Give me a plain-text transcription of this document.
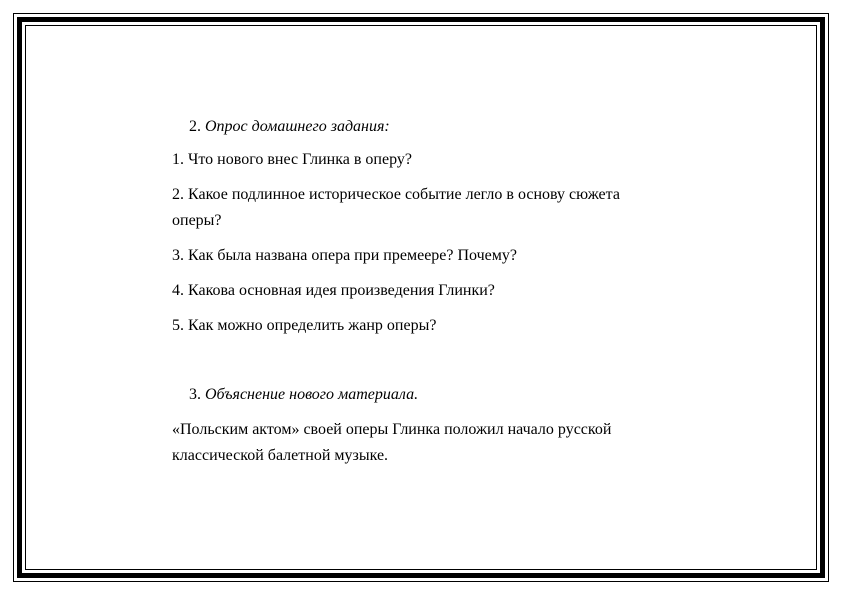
2. Опрос домашнего задания:
1. Что нового внес Глинка в оперу?
2. Какое подлинное историческое событие легло в основу сюжета
оперы?
3. Как была названа опера при премеере? Почему?
4. Какова основная идея произведения Глинки?
5. Как можно определить жанр оперы?
3. Объяснение нового материала.
«Польским актом» своей оперы Глинка положил начало русской
классической балетной музыке.
